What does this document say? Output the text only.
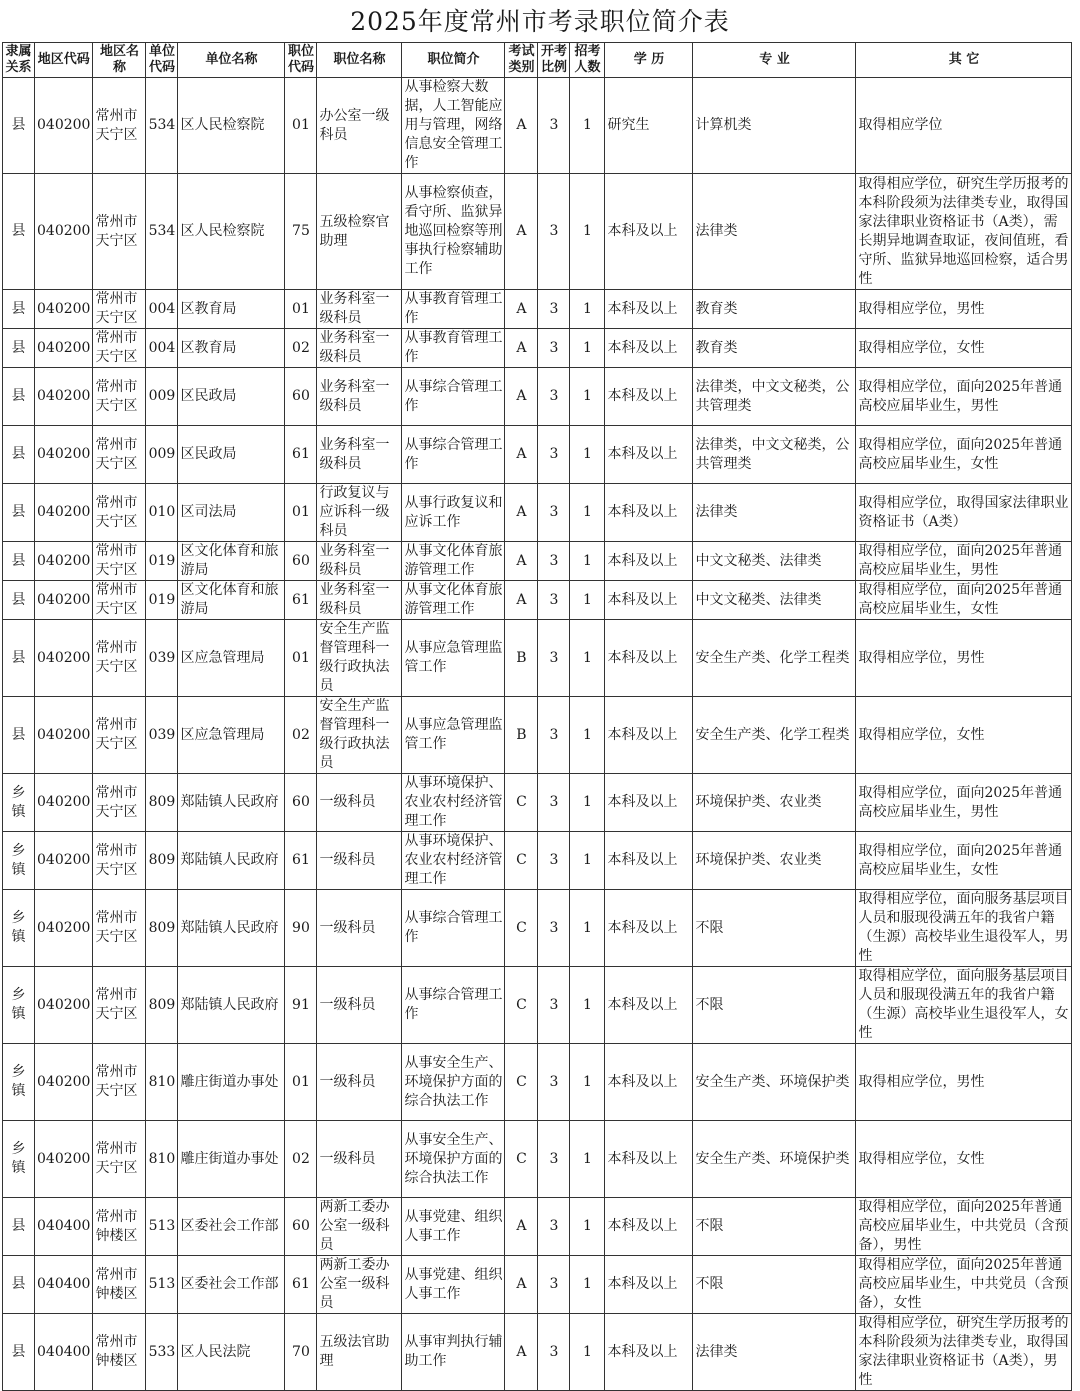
2025年度常州市考录职位简介表
隶属关系	地区代码	地区名称	单位代码	单位名称	职位代码	职位名称	职位简介	考试类别	开考比例	招考人数	学 历	专 业	其 它
县	040200	常州市天宁区	534	区人民检察院	01	办公室一级科员	从事检察大数据，人工智能应用与管理，网络信息安全管理工作	A	3	1	研究生	计算机类	取得相应学位
县	040200	常州市天宁区	534	区人民检察院	75	五级检察官助理	从事检察侦查，看守所、监狱异地巡回检察等刑事执行检察辅助工作	A	3	1	本科及以上	法律类	取得相应学位，研究生学历报考的本科阶段须为法律类专业，取得国家法律职业资格证书（A类），需长期异地调查取证，夜间值班，看守所、监狱异地巡回检察，适合男性
县	040200	常州市天宁区	004	区教育局	01	业务科室一级科员	从事教育管理工作	A	3	1	本科及以上	教育类	取得相应学位，男性
县	040200	常州市天宁区	004	区教育局	02	业务科室一级科员	从事教育管理工作	A	3	1	本科及以上	教育类	取得相应学位，女性
县	040200	常州市天宁区	009	区民政局	60	业务科室一级科员	从事综合管理工作	A	3	1	本科及以上	法律类，中文文秘类，公共管理类	取得相应学位，面向2025年普通高校应届毕业生，男性
县	040200	常州市天宁区	009	区民政局	61	业务科室一级科员	从事综合管理工作	A	3	1	本科及以上	法律类，中文文秘类，公共管理类	取得相应学位，面向2025年普通高校应届毕业生，女性
县	040200	常州市天宁区	010	区司法局	01	行政复议与应诉科一级科员	从事行政复议和应诉工作	A	3	1	本科及以上	法律类	取得相应学位，取得国家法律职业资格证书（A类）
县	040200	常州市天宁区	019	区文化体育和旅游局	60	业务科室一级科员	从事文化体育旅游管理工作	A	3	1	本科及以上	中文文秘类、法律类	取得相应学位，面向2025年普通高校应届毕业生，男性
县	040200	常州市天宁区	019	区文化体育和旅游局	61	业务科室一级科员	从事文化体育旅游管理工作	A	3	1	本科及以上	中文文秘类、法律类	取得相应学位，面向2025年普通高校应届毕业生，女性
县	040200	常州市天宁区	039	区应急管理局	01	安全生产监督管理科一级行政执法员	从事应急管理监管工作	B	3	1	本科及以上	安全生产类、化学工程类	取得相应学位，男性
县	040200	常州市天宁区	039	区应急管理局	02	安全生产监督管理科一级行政执法员	从事应急管理监管工作	B	3	1	本科及以上	安全生产类、化学工程类	取得相应学位，女性
乡镇	040200	常州市天宁区	809	郑陆镇人民政府	60	一级科员	从事环境保护、农业农村经济管理工作	C	3	1	本科及以上	环境保护类、农业类	取得相应学位，面向2025年普通高校应届毕业生，男性
乡镇	040200	常州市天宁区	809	郑陆镇人民政府	61	一级科员	从事环境保护、农业农村经济管理工作	C	3	1	本科及以上	环境保护类、农业类	取得相应学位，面向2025年普通高校应届毕业生，女性
乡镇	040200	常州市天宁区	809	郑陆镇人民政府	90	一级科员	从事综合管理工作	C	3	1	本科及以上	不限	取得相应学位，面向服务基层项目人员和服现役满五年的我省户籍（生源）高校毕业生退役军人，男性
乡镇	040200	常州市天宁区	809	郑陆镇人民政府	91	一级科员	从事综合管理工作	C	3	1	本科及以上	不限	取得相应学位，面向服务基层项目人员和服现役满五年的我省户籍（生源）高校毕业生退役军人，女性
乡镇	040200	常州市天宁区	810	雕庄街道办事处	01	一级科员	从事安全生产、环境保护方面的综合执法工作	C	3	1	本科及以上	安全生产类、环境保护类	取得相应学位，男性
乡镇	040200	常州市天宁区	810	雕庄街道办事处	02	一级科员	从事安全生产、环境保护方面的综合执法工作	C	3	1	本科及以上	安全生产类、环境保护类	取得相应学位，女性
县	040400	常州市钟楼区	513	区委社会工作部	60	两新工委办公室一级科员	从事党建、组织人事工作	A	3	1	本科及以上	不限	取得相应学位，面向2025年普通高校应届毕业生，中共党员（含预备），男性
县	040400	常州市钟楼区	513	区委社会工作部	61	两新工委办公室一级科员	从事党建、组织人事工作	A	3	1	本科及以上	不限	取得相应学位，面向2025年普通高校应届毕业生，中共党员（含预备），女性
县	040400	常州市钟楼区	533	区人民法院	70	五级法官助理	从事审判执行辅助工作	A	3	1	本科及以上	法律类	取得相应学位，研究生学历报考的本科阶段须为法律类专业，取得国家法律职业资格证书（A类），男性
